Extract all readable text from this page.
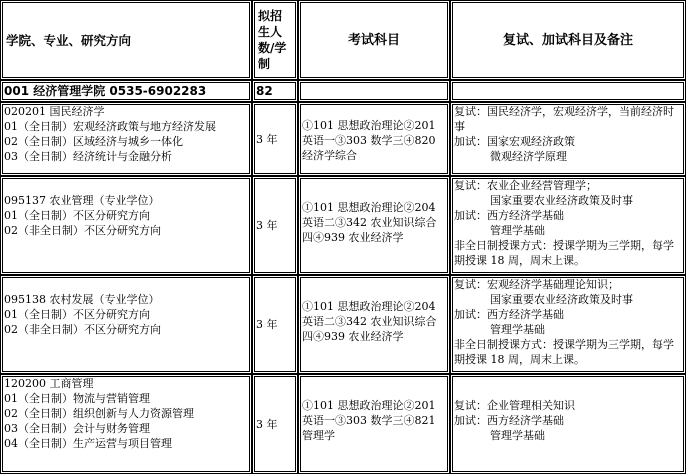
学院、专业、研究方向	拟招生人数/学制	考试科目	复试、加试科目及备注
001 经济管理学院 0535-6902283	82		

020201 国民经济学
01（全日制）宏观经济政策与地方经济发展
02（全日制）区域经济与城乡一体化
03（全日制）经济统计与金融分析	3 年	①101 思想政治理论②201 英语一③303 数学三④820 经济学综合	复试：国民经济学，宏观经济学，当前经济时事
加试：国家宏观经济政策
微观经济学原理

095137 农业管理（专业学位）
01（全日制）不区分研究方向
02（非全日制）不区分研究方向	3 年	①101 思想政治理论②204 英语二③342 农业知识综合四④939 农业经济学	复试：农业企业经营管理学；
国家重要农业经济政策及时事
加试：西方经济学基础
管理学基础
非全日制授课方式：授课学期为三学期，每学期授课 18 周，周末上课。

095138 农村发展（专业学位）
01（全日制）不区分研究方向
02（非全日制）不区分研究方向	3 年	①101 思想政治理论②204 英语二③342 农业知识综合四④939 农业经济学	复试：宏观经济学基础理论知识；
国家重要农业经济政策及时事
加试：西方经济学基础
管理学基础
非全日制授课方式：授课学期为三学期，每学期授课 18 周，周末上课。

120200 工商管理
01（全日制）物流与营销管理
02（全日制）组织创新与人力资源管理
03（全日制）会计与财务管理
04（全日制）生产运营与项目管理	3 年	①101 思想政治理论②201 英语一③303 数学三④821 管理学	复试：企业管理相关知识
加试：西方经济学基础
管理学基础
